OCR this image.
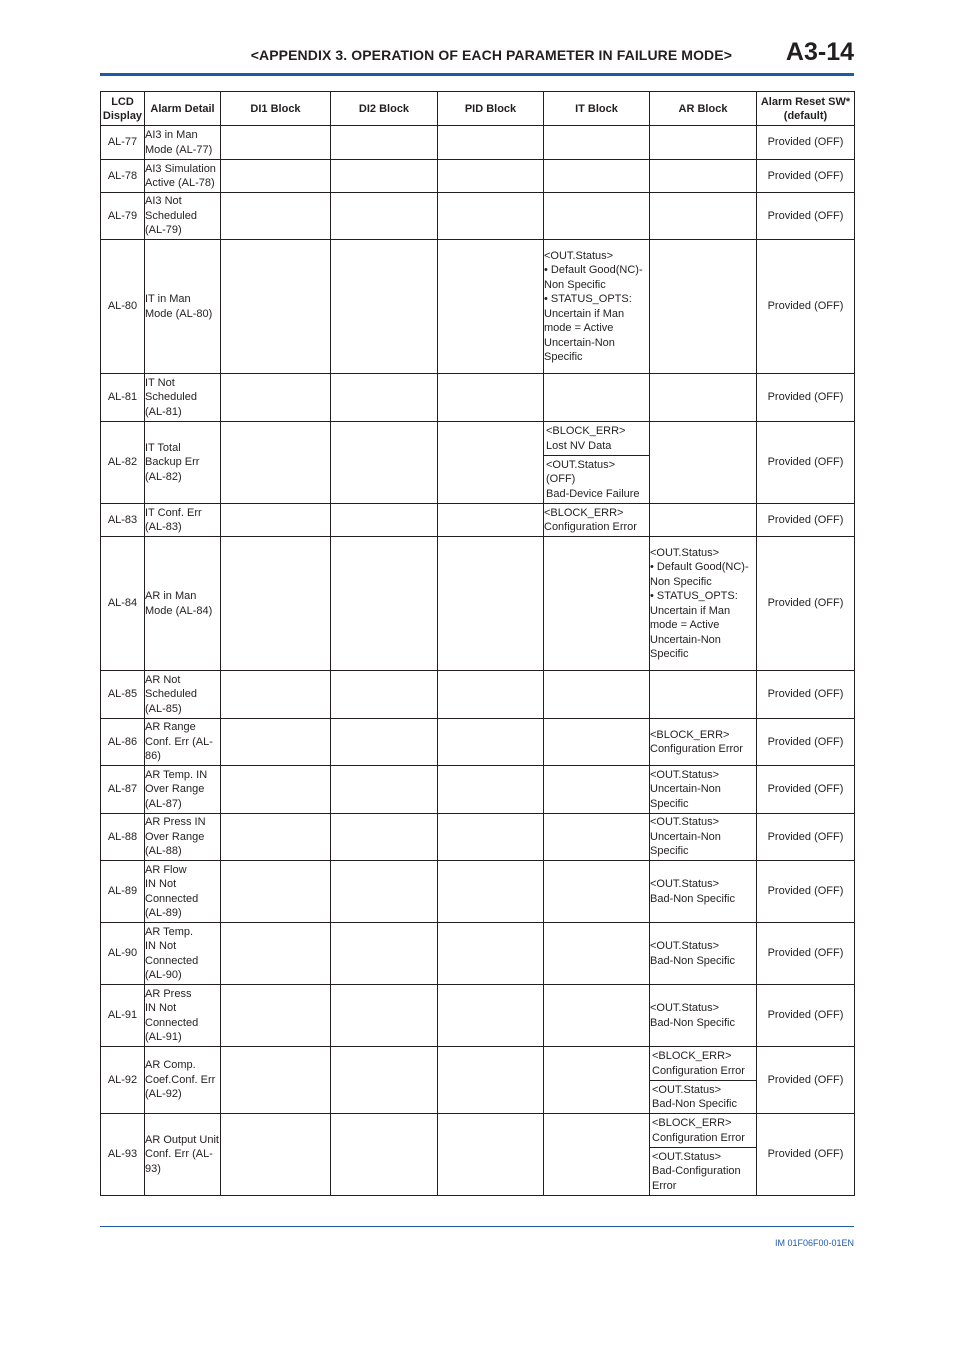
<APPENDIX 3. OPERATION OF EACH PARAMETER IN FAILURE MODE> A3-14
LCD Display	Alarm Detail	DI1 Block	DI2 Block	PID Block	IT Block	AR Block	Alarm Reset SW* (default)
AL-77	AI3 in Man Mode (AL-77)						Provided (OFF)
AL-78	AI3 Simulation Active (AL-78)						Provided (OFF)
AL-79	AI3 Not Scheduled (AL-79)						Provided (OFF)
AL-80	IT in Man Mode (AL-80)				<OUT.Status>
• Default Good(NC)-Non Specific
• STATUS_OPTS: Uncertain if Man mode = Active Uncertain-Non Specific		Provided (OFF)
AL-81	IT Not Scheduled (AL-81)						Provided (OFF)
AL-82	IT Total Backup Err (AL-82)				<BLOCK_ERR>
Lost NV Data
<OUT.Status>
(OFF)
Bad-Device Failure		Provided (OFF)
AL-83	IT Conf. Err (AL-83)				<BLOCK_ERR>
Configuration Error		Provided (OFF)
AL-84	AR in Man Mode (AL-84)					<OUT.Status>
• Default Good(NC)-Non Specific
• STATUS_OPTS: Uncertain if Man mode = Active Uncertain-Non Specific	Provided (OFF)
AL-85	AR Not Scheduled (AL-85)						Provided (OFF)
AL-86	AR Range Conf. Err (AL-86)					<BLOCK_ERR>
Configuration Error	Provided (OFF)
AL-87	AR Temp. IN Over Range (AL-87)					<OUT.Status>
Uncertain-Non Specific	Provided (OFF)
AL-88	AR Press IN Over Range (AL-88)					<OUT.Status>
Uncertain-Non Specific	Provided (OFF)
AL-89	AR Flow
IN Not Connected (AL-89)					<OUT.Status>
Bad-Non Specific	Provided (OFF)
AL-90	AR Temp.
IN Not Connected (AL-90)					<OUT.Status>
Bad-Non Specific	Provided (OFF)
AL-91	AR Press
IN Not Connected (AL-91)					<OUT.Status>
Bad-Non Specific	Provided (OFF)
AL-92	AR Comp. Coef.Conf. Err (AL-92)					<BLOCK_ERR>
Configuration Error
<OUT.Status>
Bad-Non Specific	Provided (OFF)
AL-93	AR Output Unit Conf. Err (AL-93)					<BLOCK_ERR>
Configuration Error
<OUT.Status>
Bad-Configuration Error	Provided (OFF)
IM 01F06F00-01EN
